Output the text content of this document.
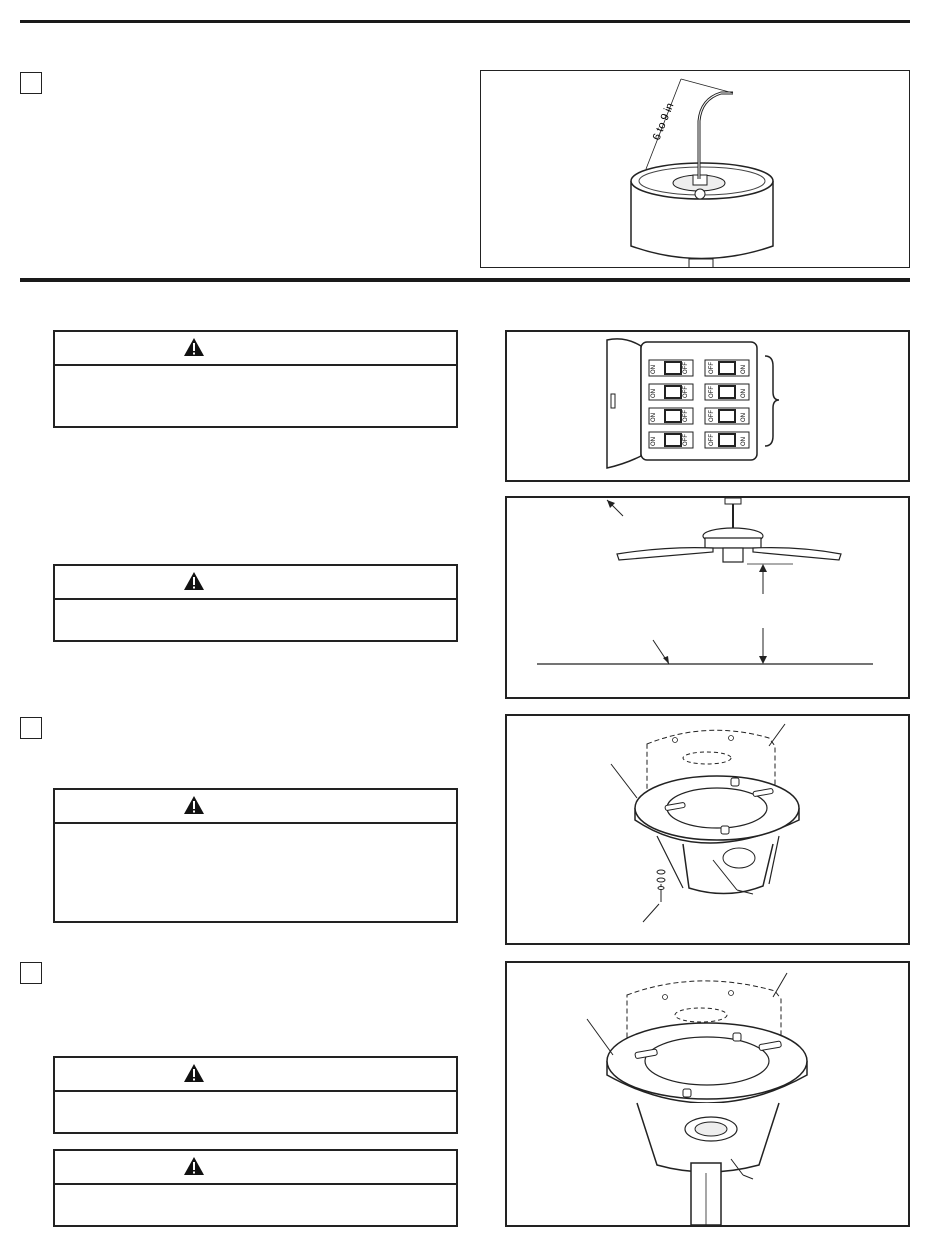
6 to 9 in
ON	OFF
ON	OFF
ON	OFF
ON	OFF
ON
OFF
ON
OFF
ON
OFF
ON
OFF
